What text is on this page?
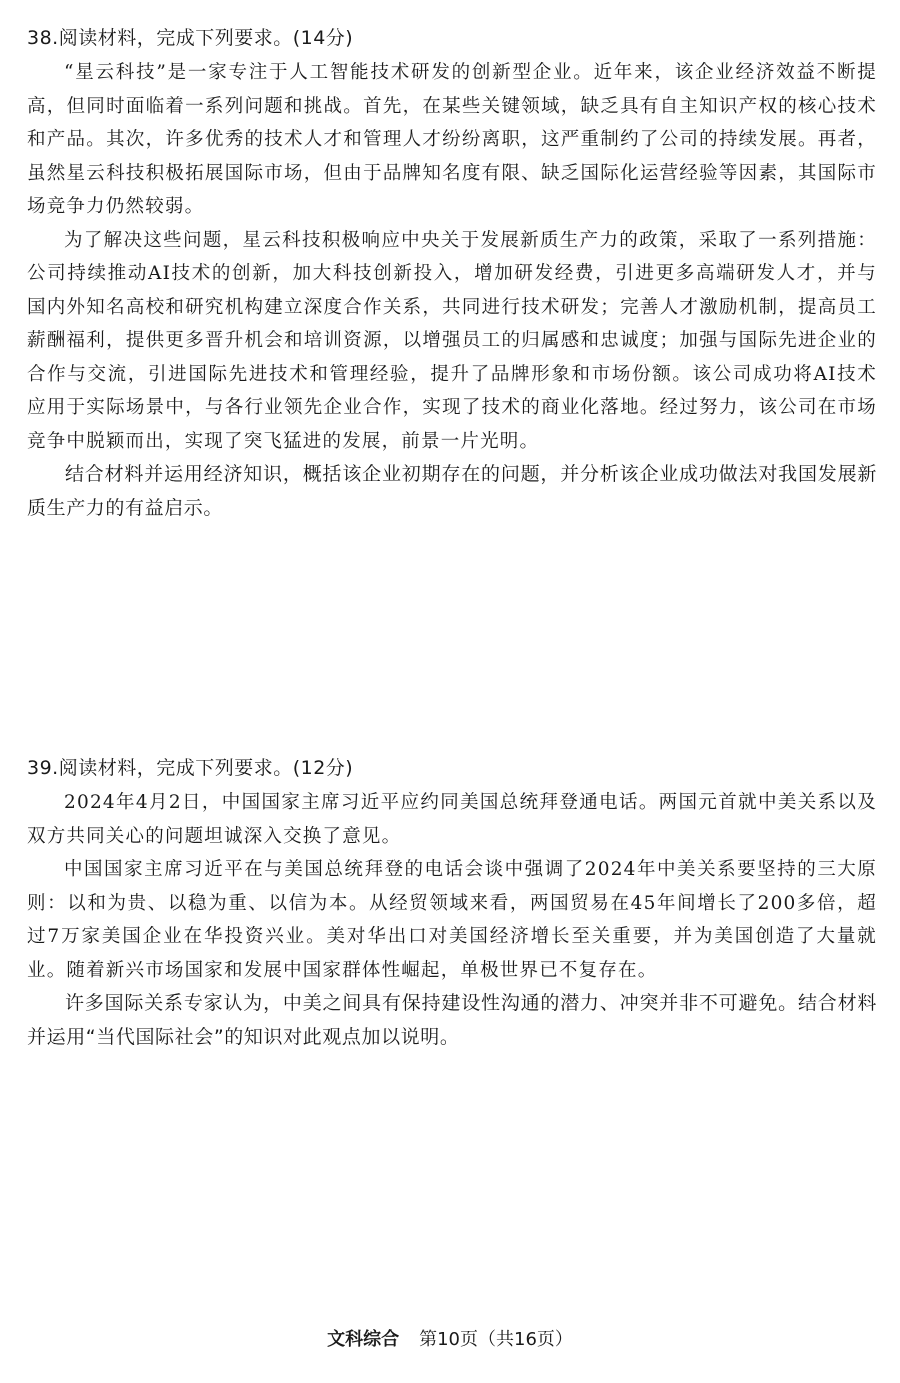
38.阅读材料，完成下列要求。(14分)

“星云科技”是一家专注于人工智能技术研发的创新型企业。近年来，该企业经济效益不断提高，但同时面临着一系列问题和挑战。首先，在某些关键领域，缺乏具有自主知识产权的核心技术和产品。其次，许多优秀的技术人才和管理人才纷纷离职，这严重制约了公司的持续发展。再者，虽然星云科技积极拓展国际市场，但由于品牌知名度有限、缺乏国际化运营经验等因素，其国际市场竞争力仍然较弱。

为了解决这些问题，星云科技积极响应中央关于发展新质生产力的政策，采取了一系列措施：公司持续推动AI技术的创新，加大科技创新投入，增加研发经费，引进更多高端研发人才，并与国内外知名高校和研究机构建立深度合作关系，共同进行技术研发；完善人才激励机制，提高员工薪酬福利，提供更多晋升机会和培训资源，以增强员工的归属感和忠诚度；加强与国际先进企业的合作与交流，引进国际先进技术和管理经验，提升了品牌形象和市场份额。该公司成功将AI技术应用于实际场景中，与各行业领先企业合作，实现了技术的商业化落地。经过努力，该公司在市场竞争中脱颖而出，实现了突飞猛进的发展，前景一片光明。

结合材料并运用经济知识，概括该企业初期存在的问题，并分析该企业成功做法对我国发展新质生产力的有益启示。

39.阅读材料，完成下列要求。(12分)

2024年4月2日，中国国家主席习近平应约同美国总统拜登通电话。两国元首就中美关系以及双方共同关心的问题坦诚深入交换了意见。

中国国家主席习近平在与美国总统拜登的电话会谈中强调了2024年中美关系要坚持的三大原则：以和为贵、以稳为重、以信为本。从经贸领域来看，两国贸易在45年间增长了200多倍，超过7万家美国企业在华投资兴业。美对华出口对美国经济增长至关重要，并为美国创造了大量就业。随着新兴市场国家和发展中国家群体性崛起，单极世界已不复存在。

许多国际关系专家认为，中美之间具有保持建设性沟通的潜力、冲突并非不可避免。结合材料并运用“当代国际社会”的知识对此观点加以说明。

文科综合 第10页（共16页）
